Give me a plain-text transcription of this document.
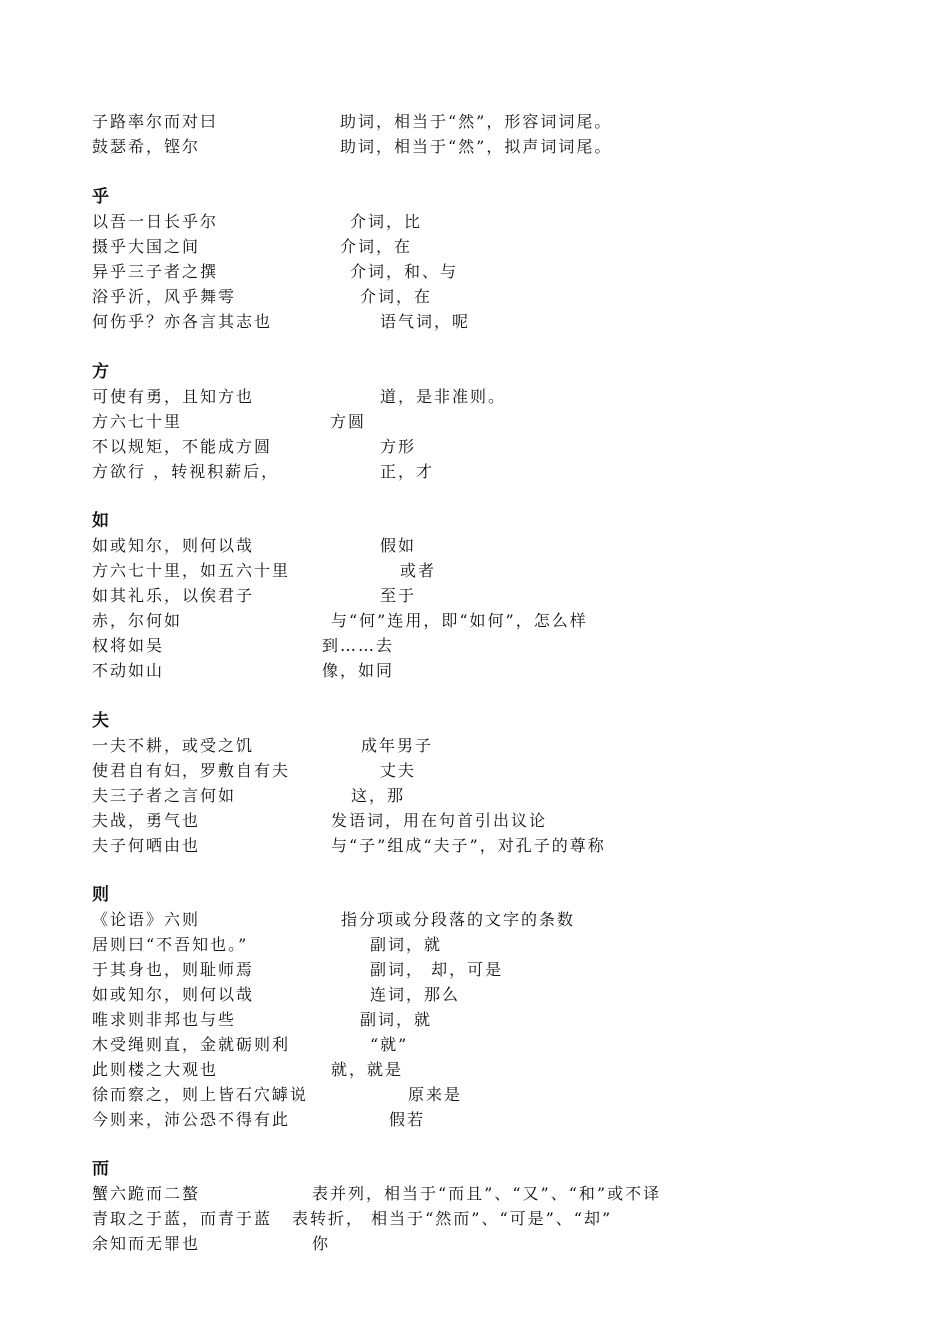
子路率尔而对曰	助词，相当于“然”，形容词词尾。
鼓瑟希，铿尔	助词，相当于“然”，拟声词词尾。
乎
以吾一日长乎尔	介词，比
摄乎大国之间	介词，在
异乎三子者之撰	介词，和、与
浴乎沂，风乎舞雩	介词，在
何伤乎？亦各言其志也	语气词，呢
方
可使有勇，且知方也	道，是非准则。
方六七十里	方圆
不以规矩，不能成方圆	方形
方欲行 ，转视积薪后，	正，才
如
如或知尔，则何以哉	假如
方六七十里，如五六十里	或者
如其礼乐，以俟君子	至于
赤，尔何如	与“何”连用，即“如何”，怎么样
权将如吴	到……去
不动如山	像，如同
夫
一夫不耕，或受之饥	成年男子
使君自有妇，罗敷自有夫	丈夫
夫三子者之言何如	这，那
夫战，勇气也	发语词，用在句首引出议论
夫子何哂由也	与“子”组成“夫子”，对孔子的尊称
则
《论语》六则	指分项或分段落的文字的条数
居则曰“不吾知也。”	副词，就
于其身也，则耻师焉	副词， 却，可是
如或知尔，则何以哉	连词，那么
唯求则非邦也与些	副词，就
木受绳则直，金就砺则利	“就”
此则楼之大观也	就，就是
徐而察之，则上皆石穴罅说	原来是
今则来，沛公恐不得有此	假若
而
蟹六跪而二螯	表并列，相当于“而且”、“又”、“和”或不译
青取之于蓝，而青于蓝 表转折， 相当于“然而”、“可是”、“却”
余知而无罪也	你
